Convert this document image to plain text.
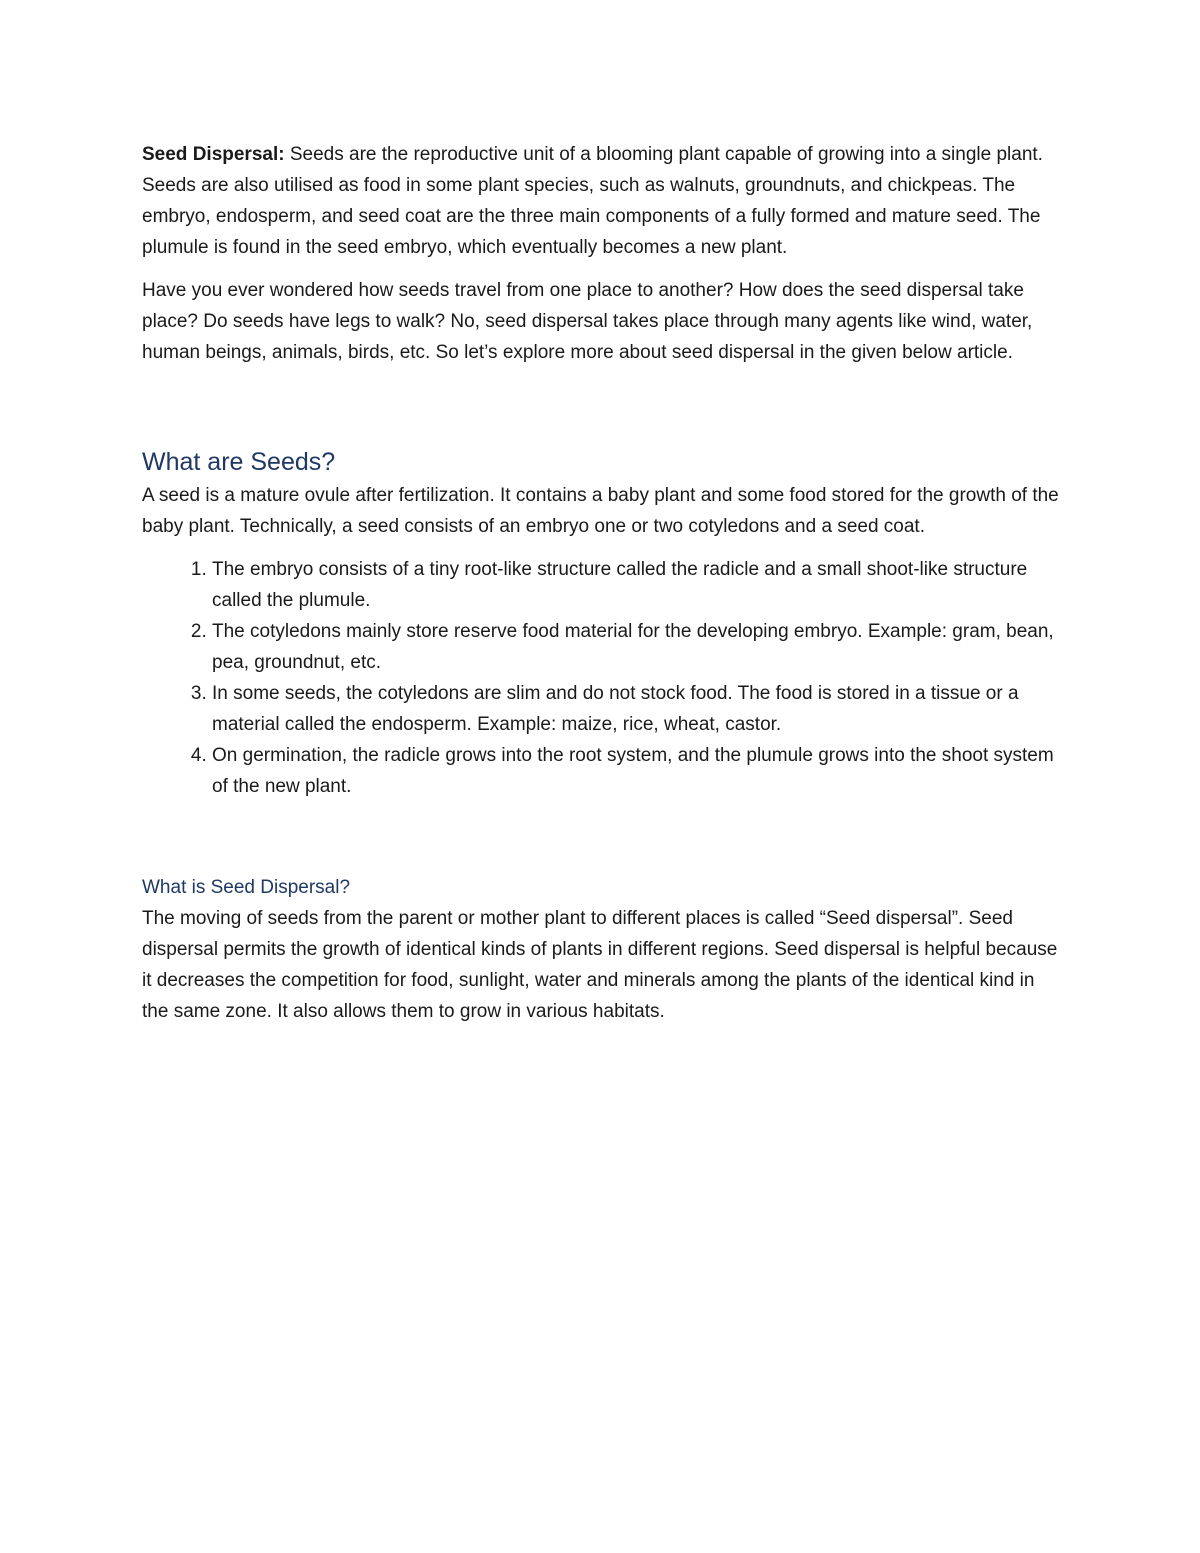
Seed Dispersal: Seeds are the reproductive unit of a blooming plant capable of growing into a single plant. Seeds are also utilised as food in some plant species, such as walnuts, groundnuts, and chickpeas. The embryo, endosperm, and seed coat are the three main components of a fully formed and mature seed. The plumule is found in the seed embryo, which eventually becomes a new plant.

Have you ever wondered how seeds travel from one place to another? How does the seed dispersal take place? Do seeds have legs to walk? No, seed dispersal takes place through many agents like wind, water, human beings, animals, birds, etc. So let’s explore more about seed dispersal in the given below article.

What are Seeds?

A seed is a mature ovule after fertilization. It contains a baby plant and some food stored for the growth of the baby plant. Technically, a seed consists of an embryo one or two cotyledons and a seed coat.

1. The embryo consists of a tiny root-like structure called the radicle and a small shoot-like structure called the plumule.
2. The cotyledons mainly store reserve food material for the developing embryo. Example: gram, bean, pea, groundnut, etc.
3. In some seeds, the cotyledons are slim and do not stock food. The food is stored in a tissue or a material called the endosperm. Example: maize, rice, wheat, castor.
4. On germination, the radicle grows into the root system, and the plumule grows into the shoot system of the new plant.
What is Seed Dispersal?

The moving of seeds from the parent or mother plant to different places is called “Seed dispersal”. Seed dispersal permits the growth of identical kinds of plants in different regions. Seed dispersal is helpful because it decreases the competition for food, sunlight, water and minerals among the plants of the identical kind in the same zone. It also allows them to grow in various habitats.
